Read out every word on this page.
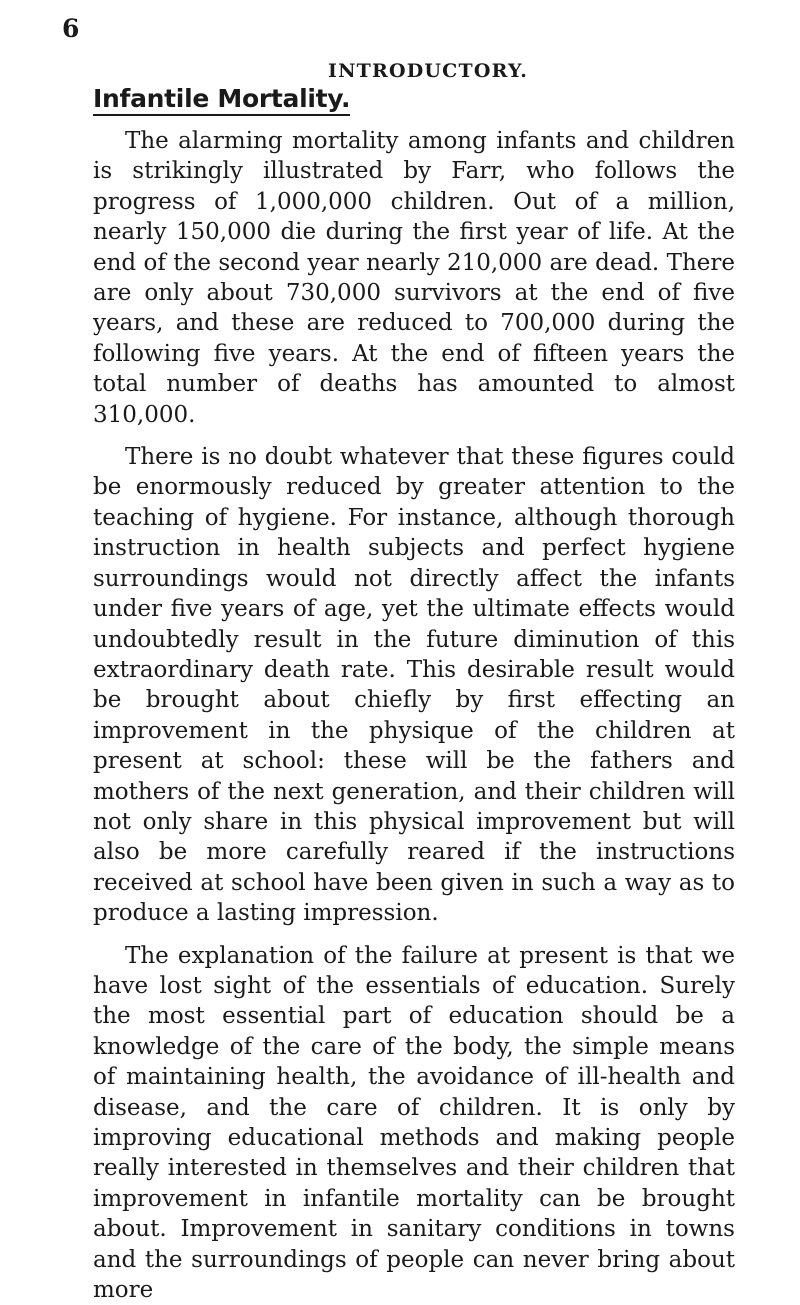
6
INTRODUCTORY.
Infantile Mortality.

The alarming mortality among infants and children is strikingly illustrated by Farr, who follows the progress of 1,000,000 children. Out of a million, nearly 150,000 die during the first year of life. At the end of the second year nearly 210,000 are dead. There are only about 730,000 survivors at the end of five years, and these are reduced to 700,000 during the following five years. At the end of fifteen years the total number of deaths has amounted to almost 310,000.

There is no doubt whatever that these figures could be enormously reduced by greater attention to the teaching of hygiene. For instance, although thorough instruction in health subjects and perfect hygiene surroundings would not directly affect the infants under five years of age, yet the ultimate effects would undoubtedly result in the future diminution of this extraordinary death rate. This desirable result would be brought about chiefly by first effecting an improvement in the physique of the children at present at school: these will be the fathers and mothers of the next generation, and their children will not only share in this physical improvement but will also be more carefully reared if the instructions received at school have been given in such a way as to produce a lasting impression.

The explanation of the failure at present is that we have lost sight of the essentials of education. Surely the most essential part of education should be a knowledge of the care of the body, the simple means of maintaining health, the avoidance of ill-health and disease, and the care of children. It is only by improving educational methods and making people really interested in themselves and their children that improvement in infantile mortality can be brought about. Improvement in sanitary conditions in towns and the surroundings of people can never bring about more
